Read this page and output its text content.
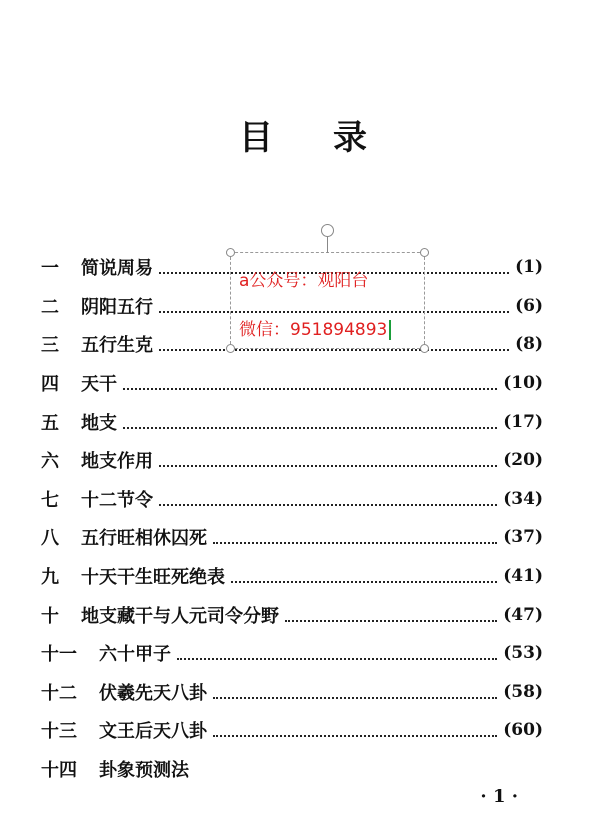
目 录
一	简说周易	(1)
二	阴阳五行	(6)
三	五行生克	(8)
四	天干	(10)
五	地支	(17)
六	地支作用	(20)
七	十二节令	(34)
八	五行旺相休囚死	(37)
九	十天干生旺死绝表	(41)
十	地支藏干与人元司令分野	(47)
十一	六十甲子	(53)
十二	伏羲先天八卦	(58)
十三	文王后天八卦	(60)
十四	卦象预测法
a公众号：观阳台
微信：951894893
· 1 ·
